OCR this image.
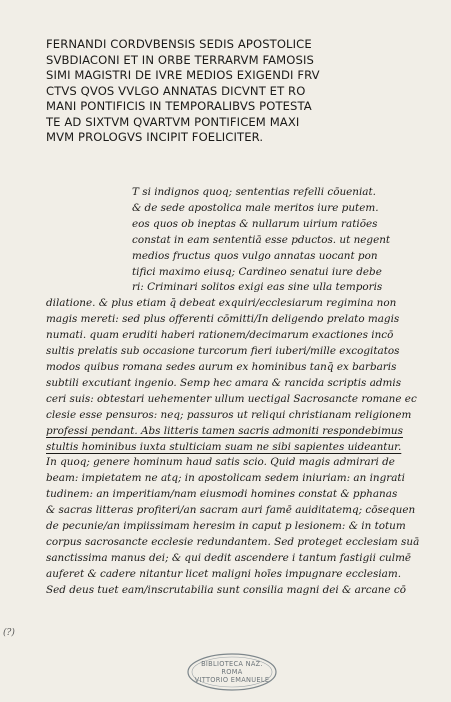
FERNANDI CORDVBENSIS SEDIS APOSTOLICE
SVBDIACONI ET IN ORBE TERRARVM FAMOSIS
SIMI MAGISTRI DE IVRE MEDIOS EXIGENDI FRV
CTVS QVOS VVLGO ANNATAS DICVNT ET RO
MANI PONTIFICIS IN TEMPORALIBVS POTESTA
TE AD SIXTVM QVARTVM PONTIFICEM MAXI
MVM PROLOGVS INCIPIT FOELICITER.
T si indignos quoq; sententias refelli cōueniat.
& de sede apostolica male meritos iure putem.
eos quos ob ineptas & nullarum uirium ratiões
constat in eam sententiā esse pductos. ut negent
medios fructus quos vulgo annatas uocant pon
tifici maximo eiusq; Cardineo senatui iure debe
ri: Criminari solitos exigi eas sine ulla temporis
dilatione. & plus etiam q̄ debeat exquiri/ecclesiarum regimina non
magis mereti: sed plus offerenti cōmitti/In deligendo prelato magis
numati. quam eruditi haberi rationem/decimarum exactiones incō
sultis prelatis sub occasione turcorum fieri iuberi/mille excogitatos
modos quibus romana sedes aurum ex hominibus tanq̄ ex barbaris
subtili excutiant ingenio. Semp hec amara & rancida scriptis admis
ceri suis: obtestari uehementer ullum uectigal Sacrosancte romane ec
clesie esse pensuros: neq; passuros ut reliqui christianam religionem
professi pendant. Abs litteris tamen sacris admoniti respondebimus
stultis hominibus iuxta stulticiam suam ne sibi sapientes uideantur.
In quoq; genere hominum haud satis scio. Quid magis admirari de
beam: impietatem ne atq; in apostolicam sedem iniuriam: an ingrati
tudinem: an imperitiam/nam eiusmodi homines constat & pphanas
& sacras litteras profiteri/an sacram auri famē auiditatemq; cōsequen
de pecunie/an impiissimam heresim in caput p lesionem: & in totum
corpus sacrosancte ecclesie redundantem. Sed proteget ecclesiam suā
sanctissima manus dei; & qui dedit ascendere i tantum fastigii culmē
auferet & cadere nitantur licet maligni hoīes impugnare ecclesiam.
Sed deus tuet eam/inscrutabilia sunt consilia magni dei & arcane cō
(?)
BIBLIOTECA NAZ.
ROMA
VITTORIO EMANUELE
